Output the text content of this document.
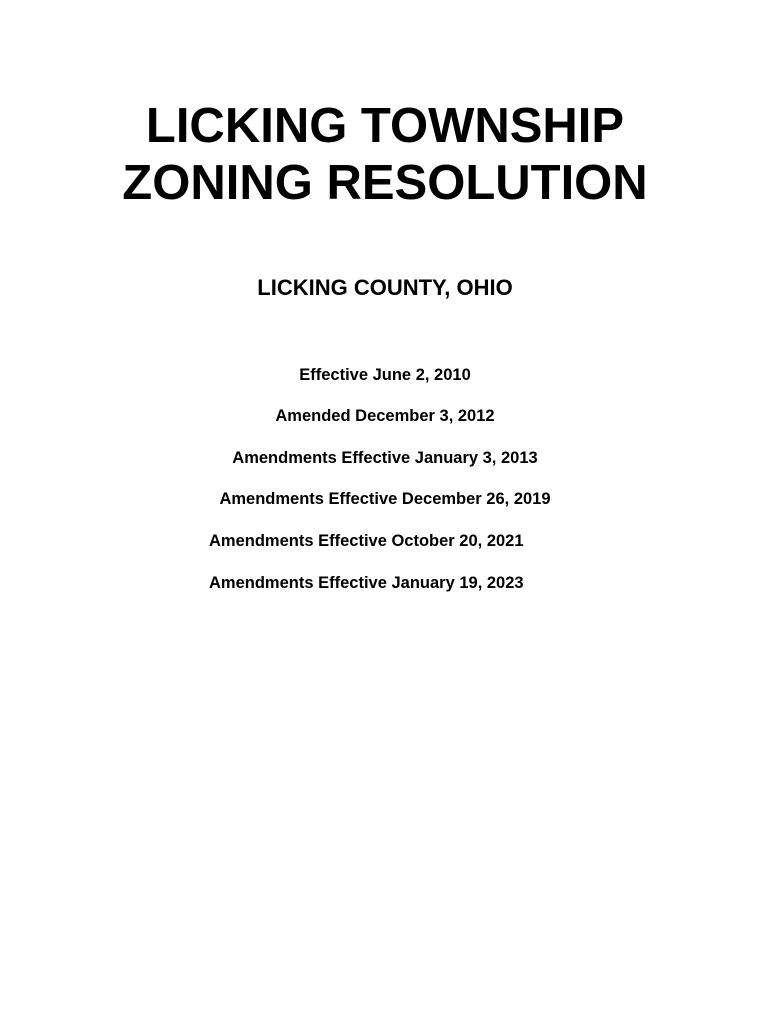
LICKING TOWNSHIP
ZONING RESOLUTION
LICKING COUNTY, OHIO
Effective June 2, 2010
Amended December 3, 2012
Amendments Effective January 3, 2013
Amendments Effective December 26, 2019
Amendments Effective October 20, 2021
Amendments Effective January 19, 2023
